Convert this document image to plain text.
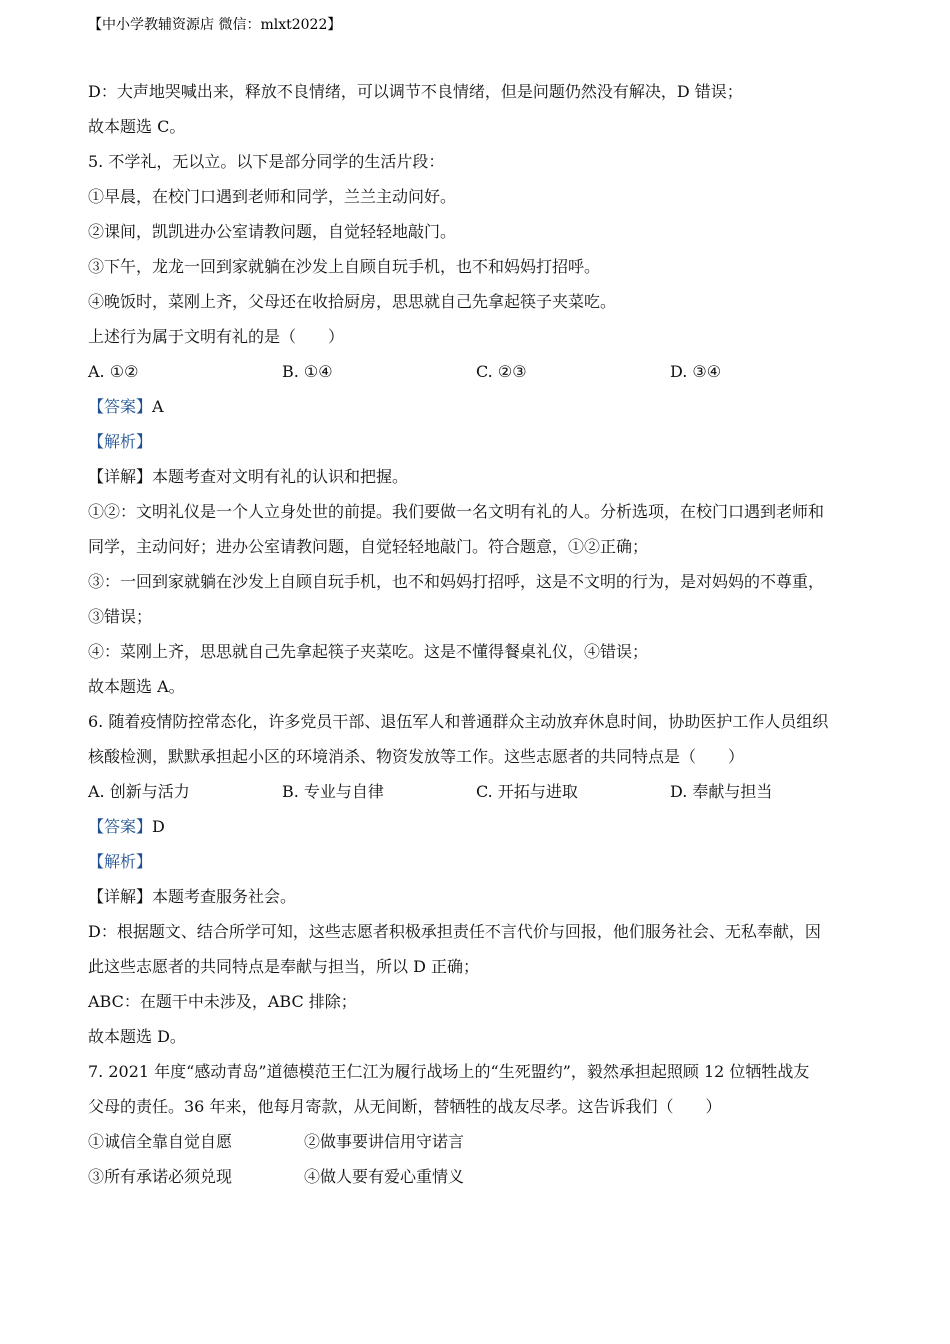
【中小学教辅资源店 微信：mlxt2022】

D：大声地哭喊出来，释放不良情绪，可以调节不良情绪，但是问题仍然没有解决，D 错误；

故本题选 C。

5. 不学礼，无以立。以下是部分同学的生活片段：

①早晨，在校门口遇到老师和同学，兰兰主动问好。

②课间，凯凯进办公室请教问题，自觉轻轻地敲门。

③下午，龙龙一回到家就躺在沙发上自顾自玩手机，也不和妈妈打招呼。

④晚饭时，菜刚上齐，父母还在收拾厨房，思思就自己先拿起筷子夹菜吃。

上述行为属于文明有礼的是（　　）

A. ①②	B. ①④	C. ②③	D. ③④

【答案】A

【解析】

【详解】本题考查对文明有礼的认识和把握。

①②：文明礼仪是一个人立身处世的前提。我们要做一名文明有礼的人。分析选项，在校门口遇到老师和

同学，主动问好；进办公室请教问题，自觉轻轻地敲门。符合题意，①②正确；

③：一回到家就躺在沙发上自顾自玩手机，也不和妈妈打招呼，这是不文明的行为，是对妈妈的不尊重，

③错误；

④：菜刚上齐，思思就自己先拿起筷子夹菜吃。这是不懂得餐桌礼仪，④错误；

故本题选 A。

6. 随着疫情防控常态化，许多党员干部、退伍军人和普通群众主动放弃休息时间，协助医护工作人员组织

核酸检测，默默承担起小区的环境消杀、物资发放等工作。这些志愿者的共同特点是（　　）

A. 创新与活力	B. 专业与自律	C. 开拓与进取	D. 奉献与担当

【答案】D

【解析】

【详解】本题考查服务社会。

D：根据题文、结合所学可知，这些志愿者积极承担责任不言代价与回报，他们服务社会、无私奉献，因

此这些志愿者的共同特点是奉献与担当，所以 D 正确；

ABC：在题干中未涉及，ABC 排除；

故本题选 D。

7. 2021 年度“感动青岛”道德模范王仁江为履行战场上的“生死盟约”，毅然承担起照顾 12 位牺牲战友

父母的责任。36 年来，他每月寄款，从无间断，替牺牲的战友尽孝。这告诉我们（　　）

①诚信全靠自觉自愿	②做事要讲信用守诺言
③所有承诺必须兑现	④做人要有爱心重情义
